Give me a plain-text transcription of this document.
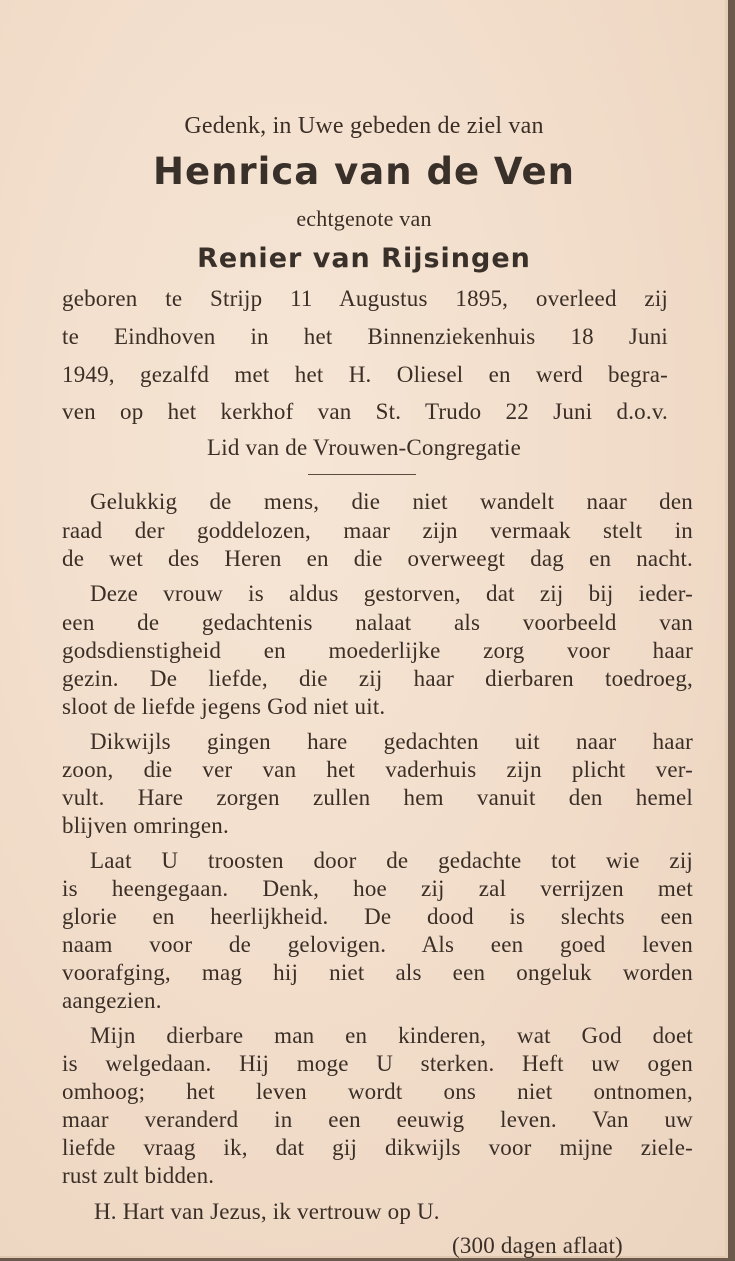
Gedenk, in Uwe gebeden de ziel van
Henrica van de Ven
echtgenote van
Renier van Rijsingen
geboren te Strijp 11 Augustus 1895, overleed zij
te Eindhoven in het Binnenziekenhuis 18 Juni
1949, gezalfd met het H. Oliesel en werd begra-
ven op het kerkhof van St. Trudo 22 Juni d.o.v.
Lid van de Vrouwen-Congregatie
Gelukkig de mens, die niet wandelt naar den
raad der goddelozen, maar zijn vermaak stelt in
de wet des Heren en die overweegt dag en nacht.
Deze vrouw is aldus gestorven, dat zij bij ieder-
een de gedachtenis nalaat als voorbeeld van
godsdienstigheid en moederlijke zorg voor haar
gezin. De liefde, die zij haar dierbaren toedroeg,
sloot de liefde jegens God niet uit.
Dikwijls gingen hare gedachten uit naar haar
zoon, die ver van het vaderhuis zijn plicht ver-
vult. Hare zorgen zullen hem vanuit den hemel
blijven omringen.
Laat U troosten door de gedachte tot wie zij
is heengegaan. Denk, hoe zij zal verrijzen met
glorie en heerlijkheid. De dood is slechts een
naam voor de gelovigen. Als een goed leven
voorafging, mag hij niet als een ongeluk worden
aangezien.
Mijn dierbare man en kinderen, wat God doet
is welgedaan. Hij moge U sterken. Heft uw ogen
omhoog; het leven wordt ons niet ontnomen,
maar veranderd in een eeuwig leven. Van uw
liefde vraag ik, dat gij dikwijls voor mijne ziele-
rust zult bidden.
H. Hart van Jezus, ik vertrouw op U.
(300 dagen aflaat)
